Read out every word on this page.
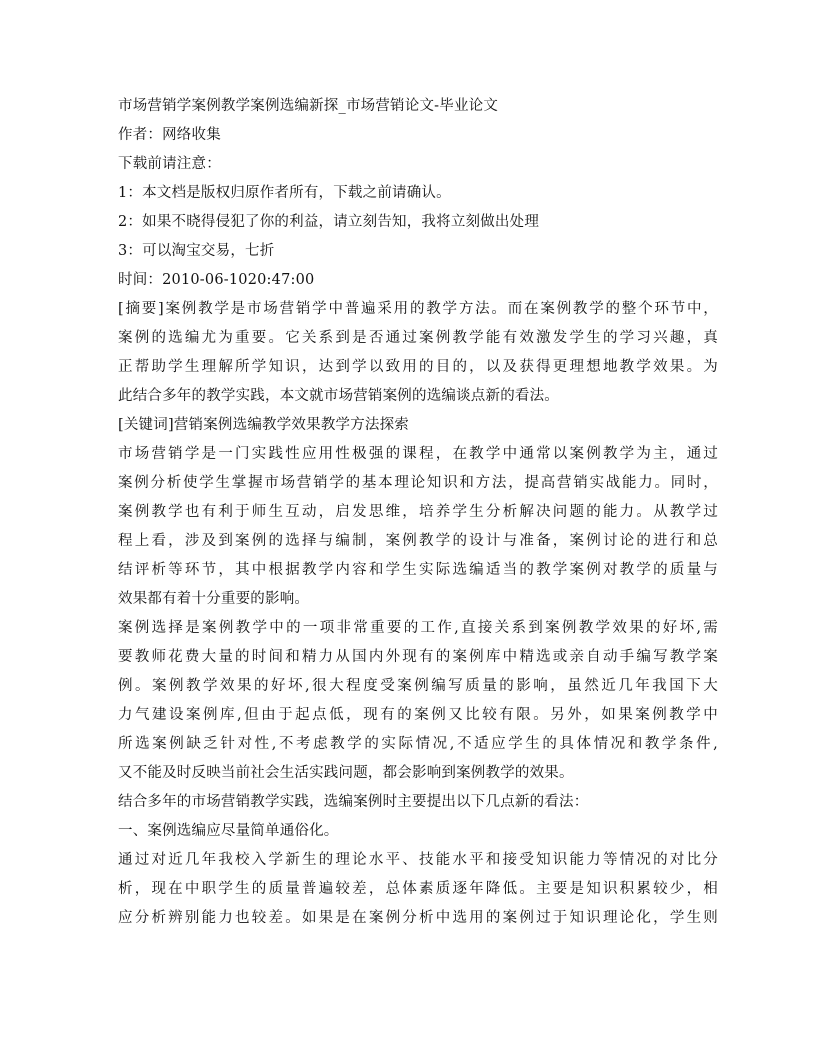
市场营销学案例教学案例选编新探_市场营销论文-毕业论文
作者：网络收集
下载前请注意：
1：本文档是版权归原作者所有，下载之前请确认。
2：如果不晓得侵犯了你的利益，请立刻告知，我将立刻做出处理
3：可以淘宝交易，七折
时间：2010-06-1020:47:00
[摘要]案例教学是市场营销学中普遍采用的教学方法。而在案例教学的整个环节中，
案例的选编尤为重要。它关系到是否通过案例教学能有效激发学生的学习兴趣，真
正帮助学生理解所学知识，达到学以致用的目的，以及获得更理想地教学效果。为
此结合多年的教学实践，本文就市场营销案例的选编谈点新的看法。
[关键词]营销案例选编教学效果教学方法探索
市场营销学是一门实践性应用性极强的课程，在教学中通常以案例教学为主，通过
案例分析使学生掌握市场营销学的基本理论知识和方法，提高营销实战能力。同时，
案例教学也有利于师生互动，启发思维，培养学生分析解决问题的能力。从教学过
程上看，涉及到案例的选择与编制，案例教学的设计与准备，案例讨论的进行和总
结评析等环节，其中根据教学内容和学生实际选编适当的教学案例对教学的质量与
效果都有着十分重要的影响。
案例选择是案例教学中的一项非常重要的工作,直接关系到案例教学效果的好坏,需
要教师花费大量的时间和精力从国内外现有的案例库中精选或亲自动手编写教学案
例。案例教学效果的好坏,很大程度受案例编写质量的影响，虽然近几年我国下大
力气建设案例库,但由于起点低，现有的案例又比较有限。另外，如果案例教学中
所选案例缺乏针对性,不考虑教学的实际情况,不适应学生的具体情况和教学条件,
又不能及时反映当前社会生活实践问题，都会影响到案例教学的效果。
结合多年的市场营销教学实践，选编案例时主要提出以下几点新的看法：
一、案例选编应尽量简单通俗化。
通过对近几年我校入学新生的理论水平、技能水平和接受知识能力等情况的对比分
析，现在中职学生的质量普遍较差，总体素质逐年降低。主要是知识积累较少，相
应分析辨别能力也较差。如果是在案例分析中选用的案例过于知识理论化，学生则
